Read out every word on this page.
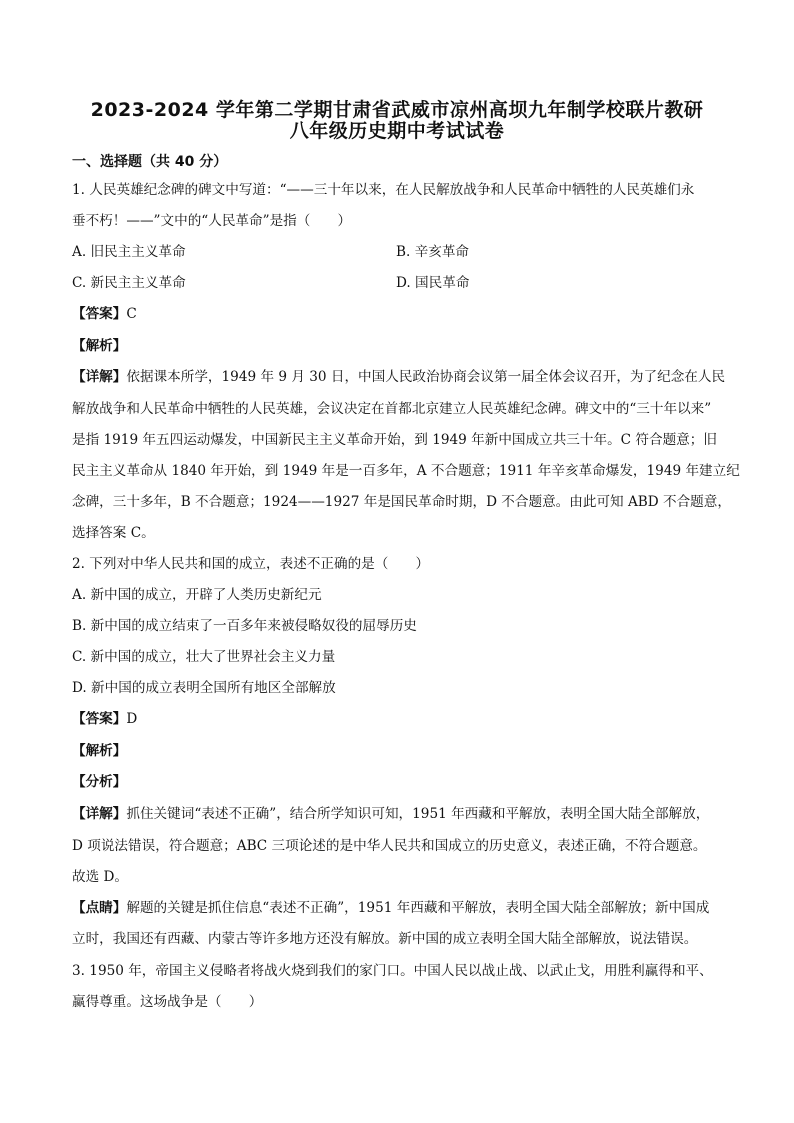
2023-2024 学年第二学期甘肃省武威市凉州高坝九年制学校联片教研
八年级历史期中考试试卷
一、选择题（共 40 分）
1. 人民英雄纪念碑的碑文中写道：“——三十年以来，在人民解放战争和人民革命中牺牲的人民英雄们永
垂不朽！——”文中的“人民革命”是指（　　）
A. 旧民主主义革命	B. 辛亥革命
C. 新民主主义革命	D. 国民革命
【答案】C
【解析】
【详解】依据课本所学，1949 年 9 月 30 日，中国人民政治协商会议第一届全体会议召开，为了纪念在人民
解放战争和人民革命中牺牲的人民英雄，会议决定在首都北京建立人民英雄纪念碑。碑文中的“三十年以来”
是指 1919 年五四运动爆发，中国新民主主义革命开始，到 1949 年新中国成立共三十年。C 符合题意；旧
民主主义革命从 1840 年开始，到 1949 年是一百多年，A 不合题意；1911 年辛亥革命爆发，1949 年建立纪
念碑，三十多年，B 不合题意；1924——1927 年是国民革命时期，D 不合题意。由此可知 ABD 不合题意，
选择答案 C。
2. 下列对中华人民共和国的成立，表述不正确的是（　　）
A. 新中国的成立，开辟了人类历史新纪元
B. 新中国的成立结束了一百多年来被侵略奴役的屈辱历史
C. 新中国的成立，壮大了世界社会主义力量
D. 新中国的成立表明全国所有地区全部解放
【答案】D
【解析】
【分析】
【详解】抓住关键词“表述不正确”，结合所学知识可知，1951 年西藏和平解放，表明全国大陆全部解放，
D 项说法错误，符合题意；ABC 三项论述的是中华人民共和国成立的历史意义，表述正确，不符合题意。
故选 D。
【点睛】解题的关键是抓住信息“表述不正确”，1951 年西藏和平解放，表明全国大陆全部解放；新中国成
立时，我国还有西藏、内蒙古等许多地方还没有解放。新中国的成立表明全国大陆全部解放，说法错误。
3. 1950 年，帝国主义侵略者将战火烧到我们的家门口。中国人民以战止战、以武止戈，用胜利赢得和平、
赢得尊重。这场战争是（　　）
